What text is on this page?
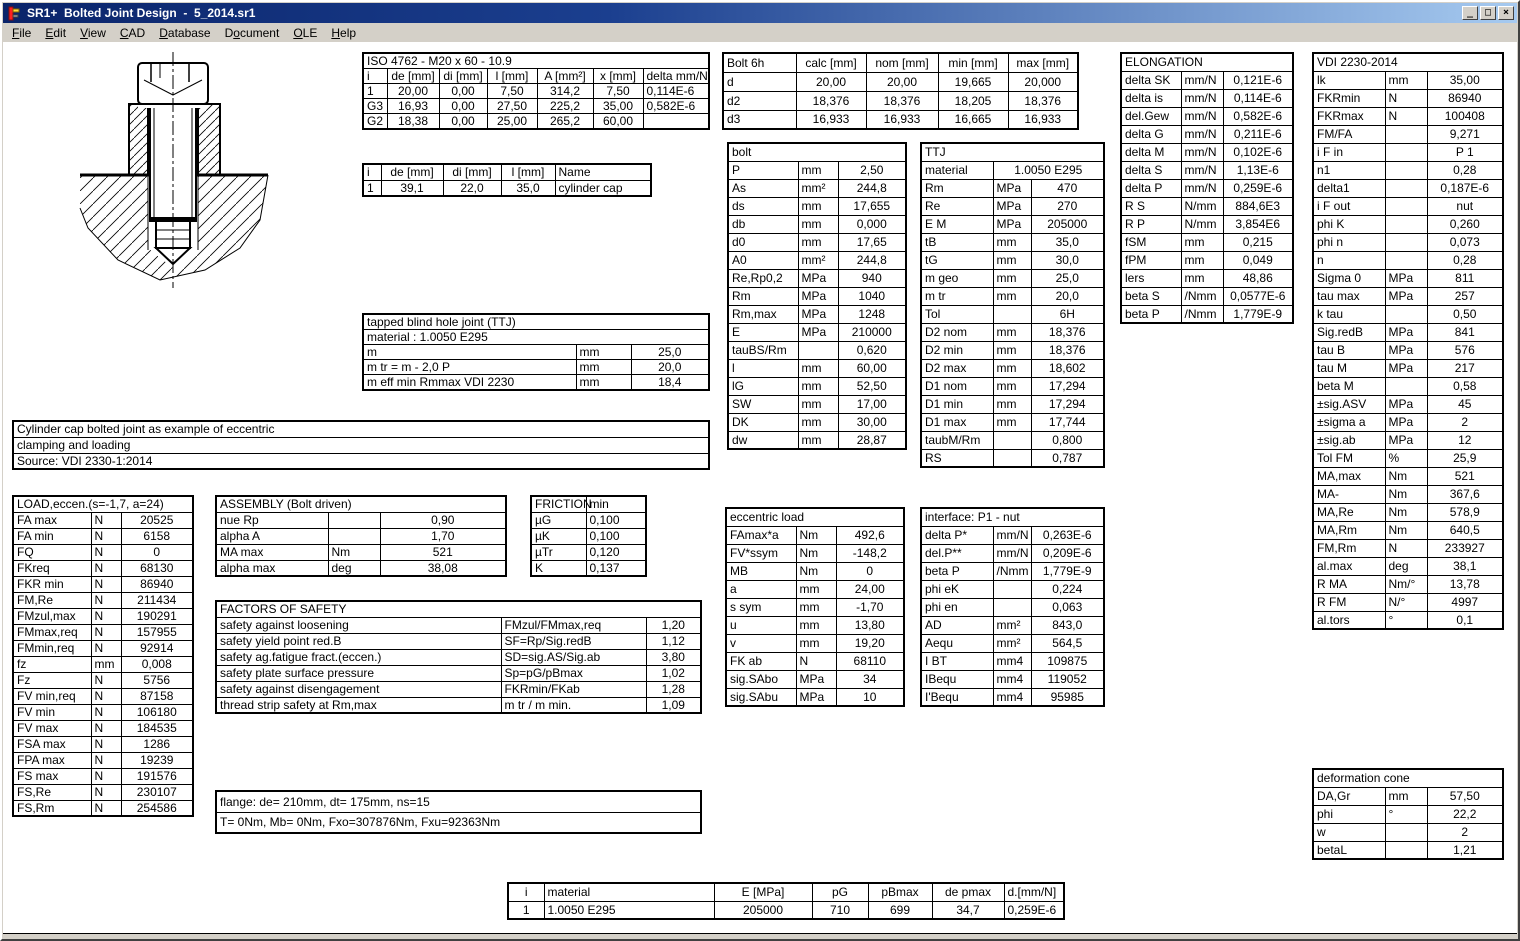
SR1+  Bolted Joint Design  -  5_2014.sr1	_	□	×
File	Edit	View	CAD	Database	Document	OLE	Help
ISO 4762 - M20 x 60 - 10.9						
i	de [mm]	di [mm]	l [mm]	A [mm²]	x [mm]	delta mm/N
1	20,00	0,00	7,50	314,2	7,50	0,114E-6
G3	16,93	0,00	27,50	225,2	35,00	0,582E-6
G2	18,38	0,00	25,00	265,2	60,00	
i	de [mm]	di [mm]	l [mm]	Name
1	39,1	22,0	35,0	cylinder cap
Bolt 6h	calc [mm]	nom [mm]	min [mm]	max [mm]
d	20,00	20,00	19,665	20,000
d2	18,376	18,376	18,205	18,376
d3	16,933	16,933	16,665	16,933
bolt		
P	mm	2,50
As	mm²	244,8
ds	mm	17,655
db	mm	0,000
d0	mm	17,65
A0	mm²	244,8
Re,Rp0,2	MPa	940
Rm	MPa	1040
Rm,max	MPa	1248
E	MPa	210000
tauBS/Rm		0,620
l	mm	60,00
lG	mm	52,50
SW	mm	17,00
DK	mm	30,00
dw	mm	28,87
TTJ		
material	1.0050 E295	
Rm	MPa	470
Re	MPa	270
E M	MPa	205000
tB	mm	35,0
tG	mm	30,0
m geo	mm	25,0
m tr	mm	20,0
Tol		6H
D2 nom	mm	18,376
D2 min	mm	18,376
D2 max	mm	18,602
D1 nom	mm	17,294
D1 min	mm	17,294
D1 max	mm	17,744
taubM/Rm		0,800
RS		0,787
ELONGATION		
delta SK	mm/N	0,121E-6
delta is	mm/N	0,114E-6
del.Gew	mm/N	0,582E-6
delta G	mm/N	0,211E-6
delta M	mm/N	0,102E-6
delta S	mm/N	1,13E-6
delta P	mm/N	0,259E-6
R S	N/mm	884,6E3
R P	N/mm	3,854E6
fSM	mm	0,215
fPM	mm	0,049
lers	mm	48,86
beta S	/Nmm	0,0577E-6
beta P	/Nmm	1,779E-9
VDI 2230-2014		
lk	mm	35,00
FKRmin	N	86940
FKRmax	N	100408
FM/FA		9,271
i F in		P 1
n1		0,28
delta1		0,187E-6
i F out		nut
phi K		0,260
phi n		0,073
n		0,28
Sigma 0	MPa	811
tau max	MPa	257
k tau		0,50
Sig.redB	MPa	841
tau B	MPa	576
tau M	MPa	217
beta M		0,58
±sig.ASV	MPa	45
±sigma a	MPa	2
±sig.ab	MPa	12
Tol FM	%	25,9
MA,max	Nm	521
MA-	Nm	367,6
MA,Re	Nm	578,9
MA,Rm	Nm	640,5
FM,Rm	N	233927
al.max	deg	38,1
R MA	Nm/°	13,78
R FM	N/°	4997
al.tors	°	0,1
tapped blind hole joint (TTJ)		
material : 1.0050 E295		
m	mm	25,0
m tr = m - 2,0 P	mm	20,0
m eff min Rmmax VDI 2230	mm	18,4
Cylinder cap bolted joint as example of eccentric
clamping and loading
Source: VDI 2330-1:2014
LOAD,eccen.(s=-1,7, a=24)		
FA max	N	20525
FA min	N	6158
FQ	N	0
FKreq	N	68130
FKR min	N	86940
FM,Re	N	211434
FMzul,max	N	190291
FMmax,req	N	157955
FMmin,req	N	92914
fz	mm	0,008
Fz	N	5756
FV min,req	N	87158
FV min	N	106180
FV max	N	184535
FSA max	N	1286
FPA max	N	19239
FS max	N	191576
FS,Re	N	230107
FS,Rm	N	254586
ASSEMBLY (Bolt driven)		
nue Rp		0,90
alpha A		1,70
MA max	Nm	521
alpha max	deg	38,08
FRICTION	min
µG	0,100
µK	0,100
µTr	0,120
K	0,137
FACTORS OF SAFETY		
safety against loosening	FMzul/FMmax,req	1,20
safety yield point red.B	SF=Rp/Sig.redB	1,12
safety ag.fatigue fract.(eccen.)	SD=sig.AS/Sig.ab	3,80
safety plate surface pressure	Sp=pG/pBmax	1,02
safety against disengagement	FKRmin/FKab	1,28
thread strip safety at Rm,max	m tr / m min.	1,09
eccentric load		
FAmax*a	Nm	492,6
FV*ssym	Nm	-148,2
MB	Nm	0
a	mm	24,00
s sym	mm	-1,70
u	mm	13,80
v	mm	19,20
FK ab	N	68110
sig.SAbo	MPa	34
sig.SAbu	MPa	10
interface: P1 - nut		
delta P*	mm/N	0,263E-6
del.P**	mm/N	0,209E-6
beta P	/Nmm	1,779E-9
phi eK		0,224
phi en		0,063
AD	mm²	843,0
Aequ	mm²	564,5
I BT	mm4	109875
IBequ	mm4	119052
I'Bequ	mm4	95985
flange: de= 210mm, dt= 175mm, ns=15
T= 0Nm, Mb= 0Nm, Fxo=307876Nm, Fxu=92363Nm
deformation cone		
DA,Gr	mm	57,50
phi	°	22,2
w		2
betaL		1,21
i	material	E [MPa]	pG	pBmax	de pmax	d.[mm/N]
1	1.0050 E295	205000	710	699	34,7	0,259E-6
